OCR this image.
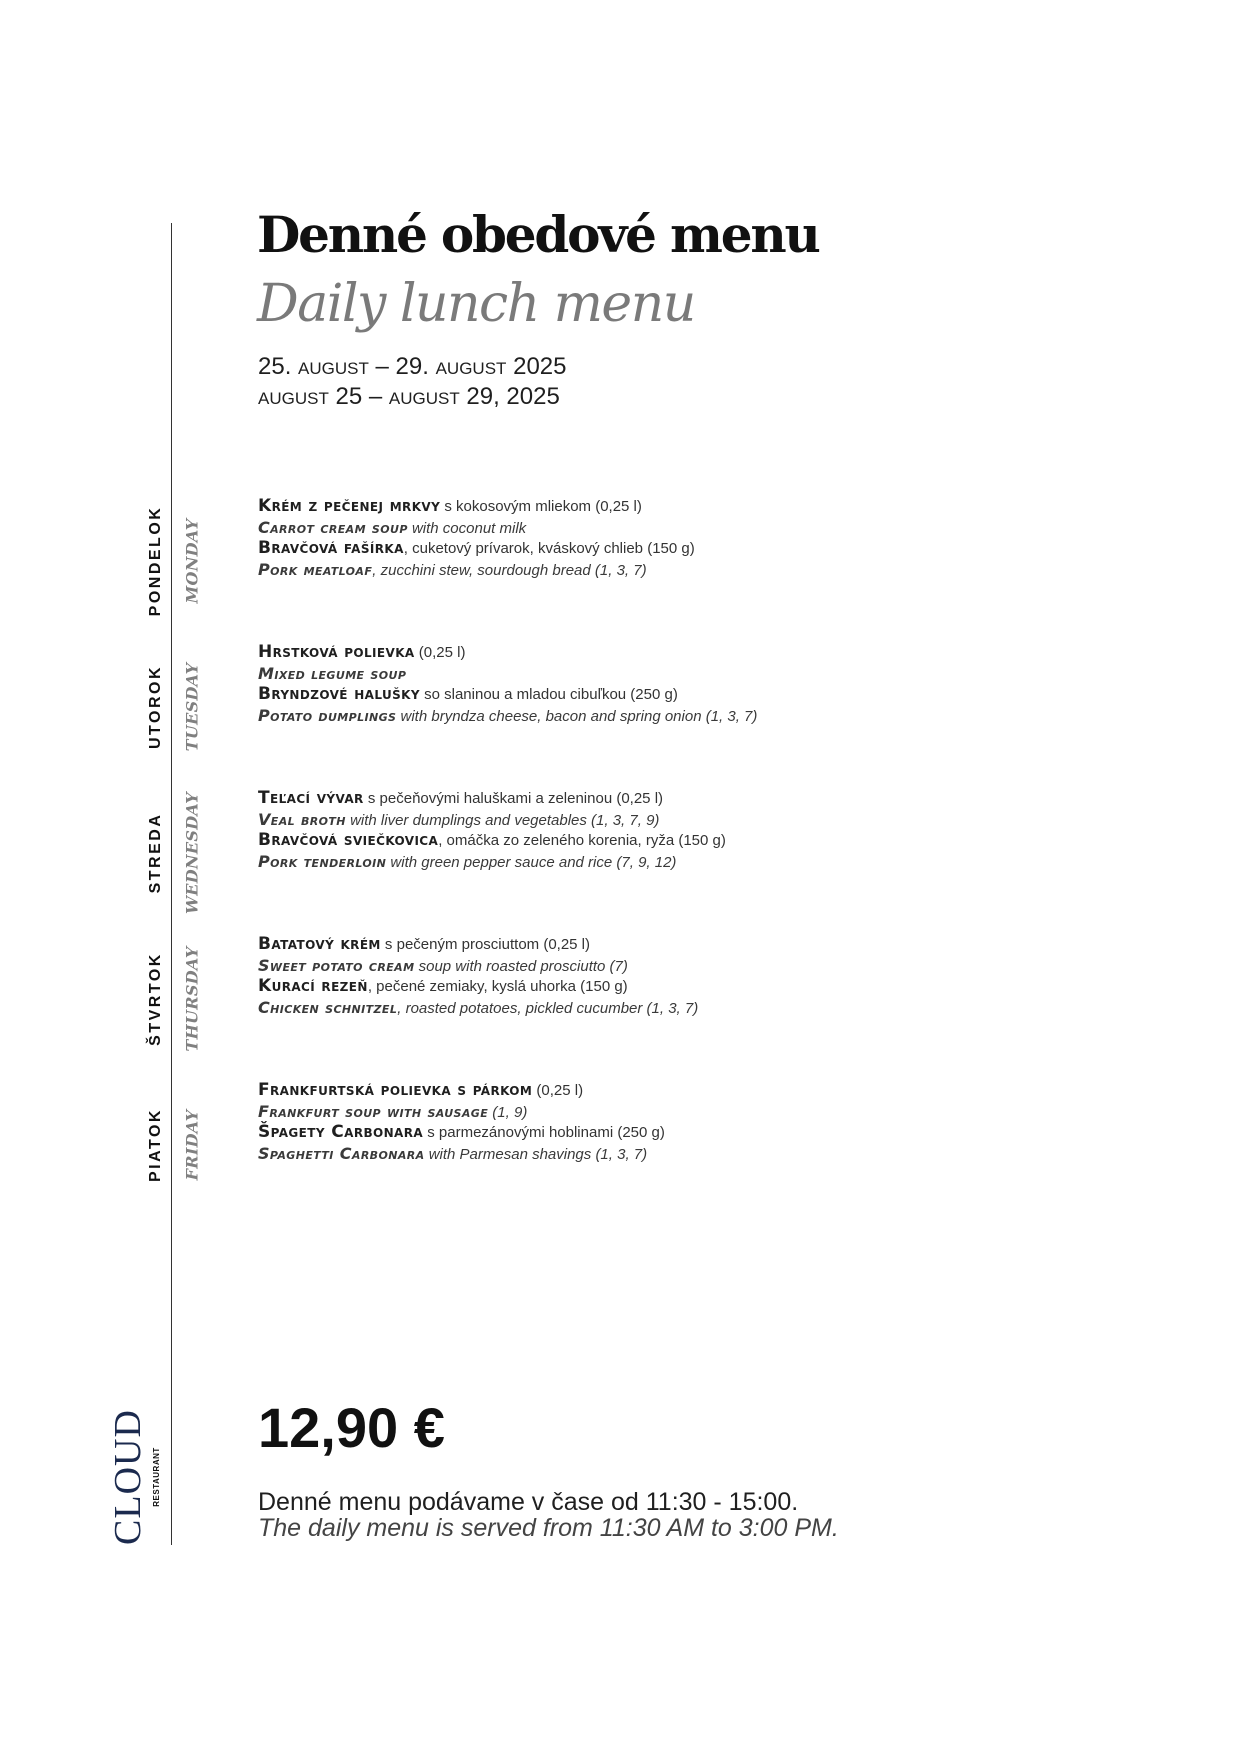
Denné obedové menu
Daily lunch menu
25. august – 29. august 2025
august 25 – august 29, 2025
PONDELOK MONDAY
Krém z pečenej mrkvy s kokosovým mliekom (0,25 l)
Carrot cream soup with coconut milk
Bravčová fašírka, cuketový prívarok, kváskový chlieb (150 g)
Pork meatloaf, zucchini stew, sourdough bread (1, 3, 7)
UTOROK TUESDAY
Hrstková polievka (0,25 l)
Mixed legume soup
Bryndzové halušky so slaninou a mladou cibuľkou (250 g)
Potato dumplings with bryndza cheese, bacon and spring onion (1, 3, 7)
STREDA WEDNESDAY	Teľací vývar s pečeňovými haluškami a zeleninou (0,25 l)
Veal broth with liver dumplings and vegetables (1, 3, 7, 9)
Bravčová sviečkovica, omáčka zo zeleného korenia, ryža (150 g)
Pork tenderloin with green pepper sauce and rice (7, 9, 12)
ŠTVRTOK THURSDAY
Batatový krém s pečeným prosciuttom (0,25 l)
Sweet potato cream soup with roasted prosciutto (7)
Kurací rezeň, pečené zemiaky, kyslá uhorka (150 g)
Chicken schnitzel, roasted potatoes, pickled cucumber (1, 3, 7)
PIATOK FRIDAY
Frankfurtská polievka s párkom (0,25 l)
Frankfurt soup with sausage (1, 9)
Špagety Carbonara s parmezánovými hoblinami (250 g)
Spaghetti Carbonara with Parmesan shavings (1, 3, 7)
12,90 €
Denné menu podávame v čase od 11:30 - 15:00.
The daily menu is served from 11:30 AM to 3:00 PM.
CLOUD RESTAURANT
